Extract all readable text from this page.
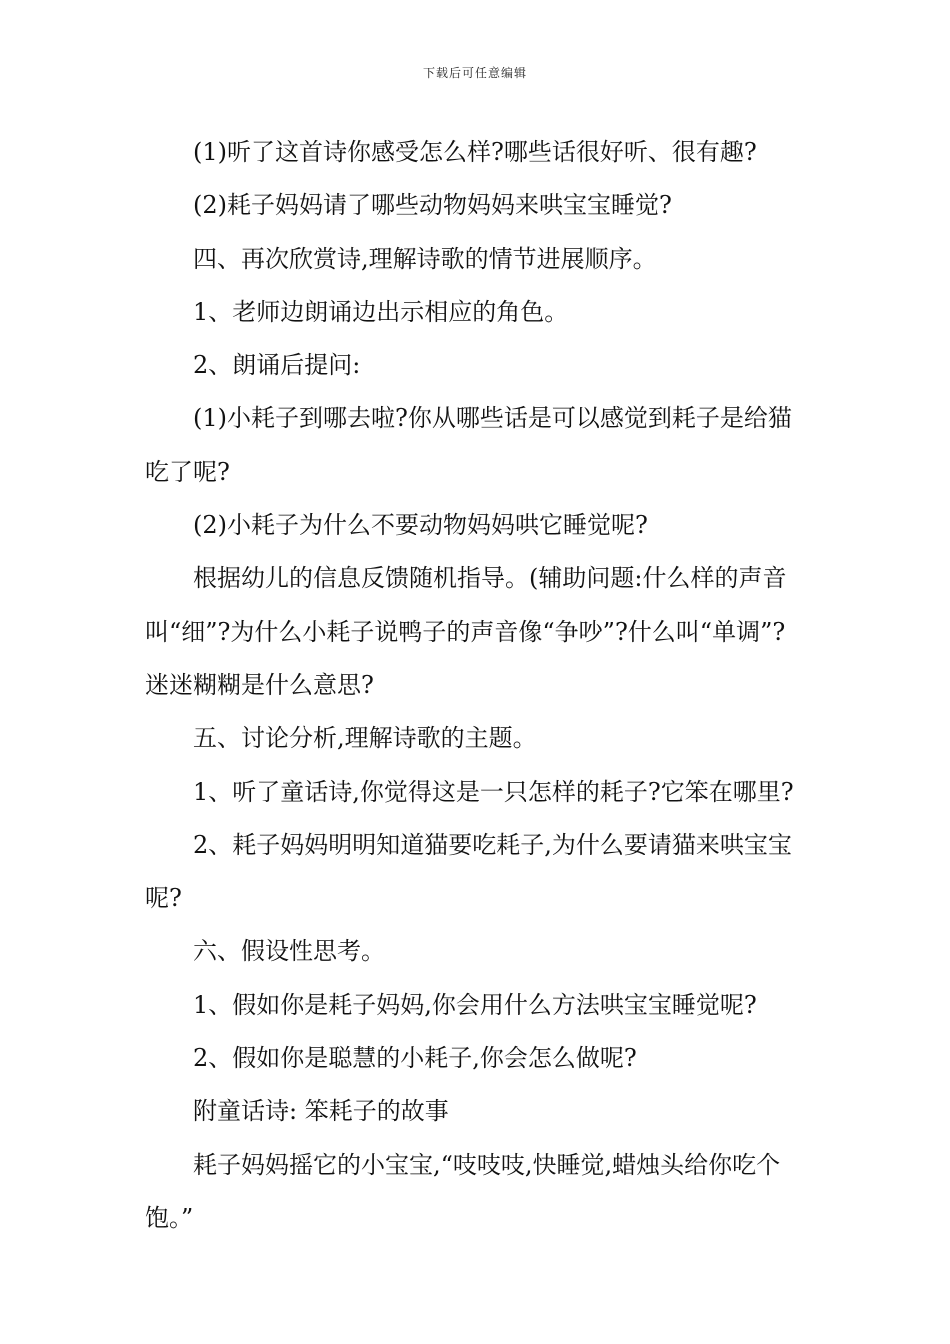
下载后可任意编辑

(1)听了这首诗你感受怎么样?哪些话很好听、很有趣?

(2)耗子妈妈请了哪些动物妈妈来哄宝宝睡觉?

四、再次欣赏诗,理解诗歌的情节进展顺序。

1、老师边朗诵边出示相应的角色。

2、朗诵后提问:

(1)小耗子到哪去啦?你从哪些话是可以感觉到耗子是给猫吃了呢?

(2)小耗子为什么不要动物妈妈哄它睡觉呢?

根据幼儿的信息反馈随机指导。(辅助问题:什么样的声音叫“细”?为什么小耗子说鸭子的声音像“争吵”?什么叫“单调”?迷迷糊糊是什么意思?

五、讨论分析,理解诗歌的主题。

1、听了童话诗,你觉得这是一只怎样的耗子?它笨在哪里?

2、耗子妈妈明明知道猫要吃耗子,为什么要请猫来哄宝宝呢?

六、假设性思考。

1、假如你是耗子妈妈,你会用什么方法哄宝宝睡觉呢?

2、假如你是聪慧的小耗子,你会怎么做呢?

附童话诗: 笨耗子的故事

耗子妈妈摇它的小宝宝,“吱吱吱,快睡觉,蜡烛头给你吃个饱。”
